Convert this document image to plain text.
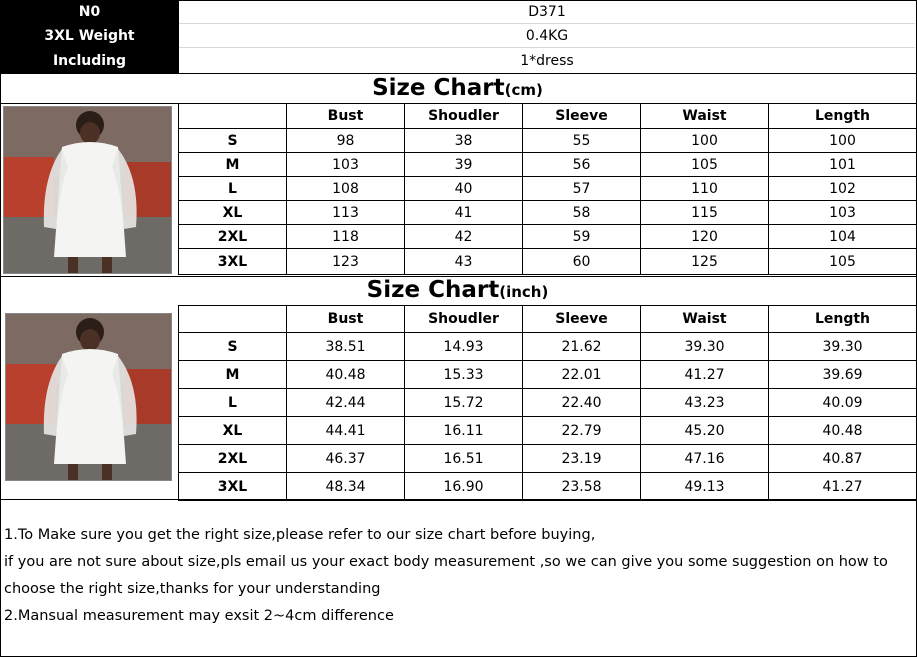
N0	D371
3XL Weight	0.4KG
Including	1*dress
Size Chart(cm)
	Bust	Shoudler	Sleeve	Waist	Length
S	98	38	55	100	100
M	103	39	56	105	101
L	108	40	57	110	102
XL	113	41	58	115	103
2XL	118	42	59	120	104
3XL	123	43	60	125	105
Size Chart(inch)
	Bust	Shoudler	Sleeve	Waist	Length
S	38.51	14.93	21.62	39.30	39.30
M	40.48	15.33	22.01	41.27	39.69
L	42.44	15.72	22.40	43.23	40.09
XL	44.41	16.11	22.79	45.20	40.48
2XL	46.37	16.51	23.19	47.16	40.87
3XL	48.34	16.90	23.58	49.13	41.27
1.To Make sure you get the right size,please refer to our size chart before buying,
if you are not sure about size,pls email us your exact body measurement ,so we can give you some suggestion on how to
choose the right size,thanks for your understanding
2.Mansual measurement may exsit 2~4cm difference
